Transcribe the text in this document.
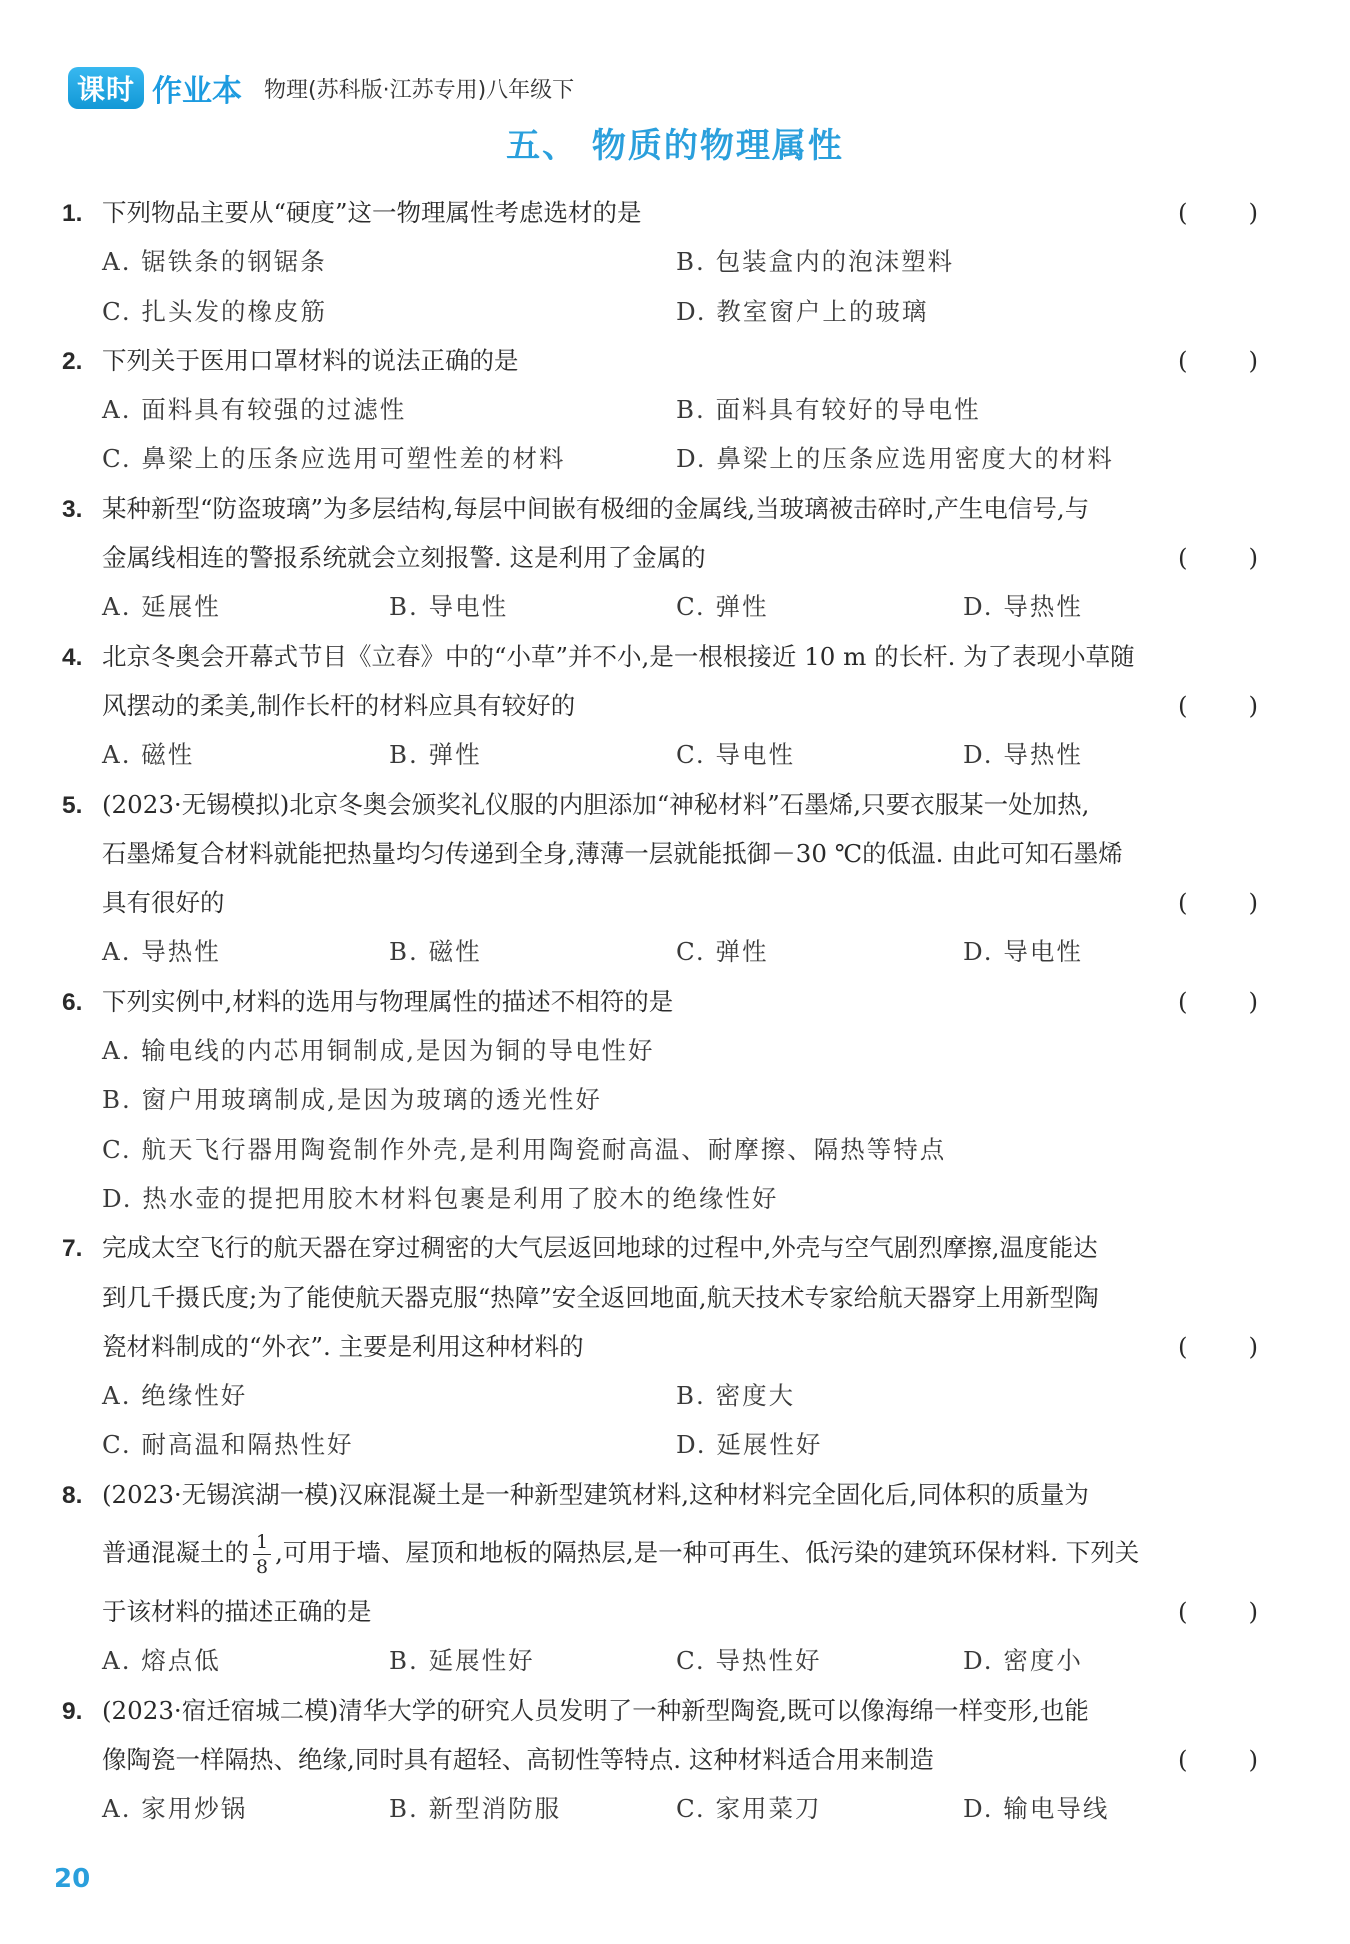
课时 作业本 物理(苏科版·江苏专用)八年级下
五、 物质的物理属性
1. 下列物品主要从“硬度”这一物理属性考虑选材的是	( )
A. 锯铁条的钢锯条	B. 包装盒内的泡沫塑料
C. 扎头发的橡皮筋	D. 教室窗户上的玻璃
2. 下列关于医用口罩材料的说法正确的是	( )
A. 面料具有较强的过滤性	B. 面料具有较好的导电性
C. 鼻梁上的压条应选用可塑性差的材料	D. 鼻梁上的压条应选用密度大的材料
3. 某种新型“防盗玻璃”为多层结构,每层中间嵌有极细的金属线,当玻璃被击碎时,产生电信号,与
金属线相连的警报系统就会立刻报警. 这是利用了金属的	( )
A. 延展性	B. 导电性	C. 弹性	D. 导热性
4. 北京冬奥会开幕式节目《立春》中的“小草”并不小,是一根根接近 10 m 的长杆. 为了表现小草随
风摆动的柔美,制作长杆的材料应具有较好的	( )
A. 磁性	B. 弹性	C. 导电性	D. 导热性
5. (2023·无锡模拟)北京冬奥会颁奖礼仪服的内胆添加“神秘材料”石墨烯,只要衣服某一处加热,
石墨烯复合材料就能把热量均匀传递到全身,薄薄一层就能抵御－30 ℃的低温. 由此可知石墨烯
具有很好的	( )
A. 导热性	B. 磁性	C. 弹性	D. 导电性
6. 下列实例中,材料的选用与物理属性的描述不相符的是	( )
A. 输电线的内芯用铜制成,是因为铜的导电性好
B. 窗户用玻璃制成,是因为玻璃的透光性好
C. 航天飞行器用陶瓷制作外壳,是利用陶瓷耐高温、耐摩擦、隔热等特点
D. 热水壶的提把用胶木材料包裹是利用了胶木的绝缘性好
7. 完成太空飞行的航天器在穿过稠密的大气层返回地球的过程中,外壳与空气剧烈摩擦,温度能达
到几千摄氏度;为了能使航天器克服“热障”安全返回地面,航天技术专家给航天器穿上用新型陶
瓷材料制成的“外衣”. 主要是利用这种材料的	( )
A. 绝缘性好	B. 密度大
C. 耐高温和隔热性好	D. 延展性好
8. (2023·无锡滨湖一模)汉麻混凝土是一种新型建筑材料,这种材料完全固化后,同体积的质量为
普通混凝土的 $\frac{1}{8}$ ,可用于墙、屋顶和地板的隔热层,是一种可再生、低污染的建筑环保材料. 下列关
于该材料的描述正确的是	( )
A. 熔点低	B. 延展性好	C. 导热性好	D. 密度小
9. (2023·宿迁宿城二模)清华大学的研究人员发明了一种新型陶瓷,既可以像海绵一样变形,也能
像陶瓷一样隔热、绝缘,同时具有超轻、高韧性等特点. 这种材料适合用来制造	( )
A. 家用炒锅	B. 新型消防服	C. 家用菜刀	D. 输电导线
20
